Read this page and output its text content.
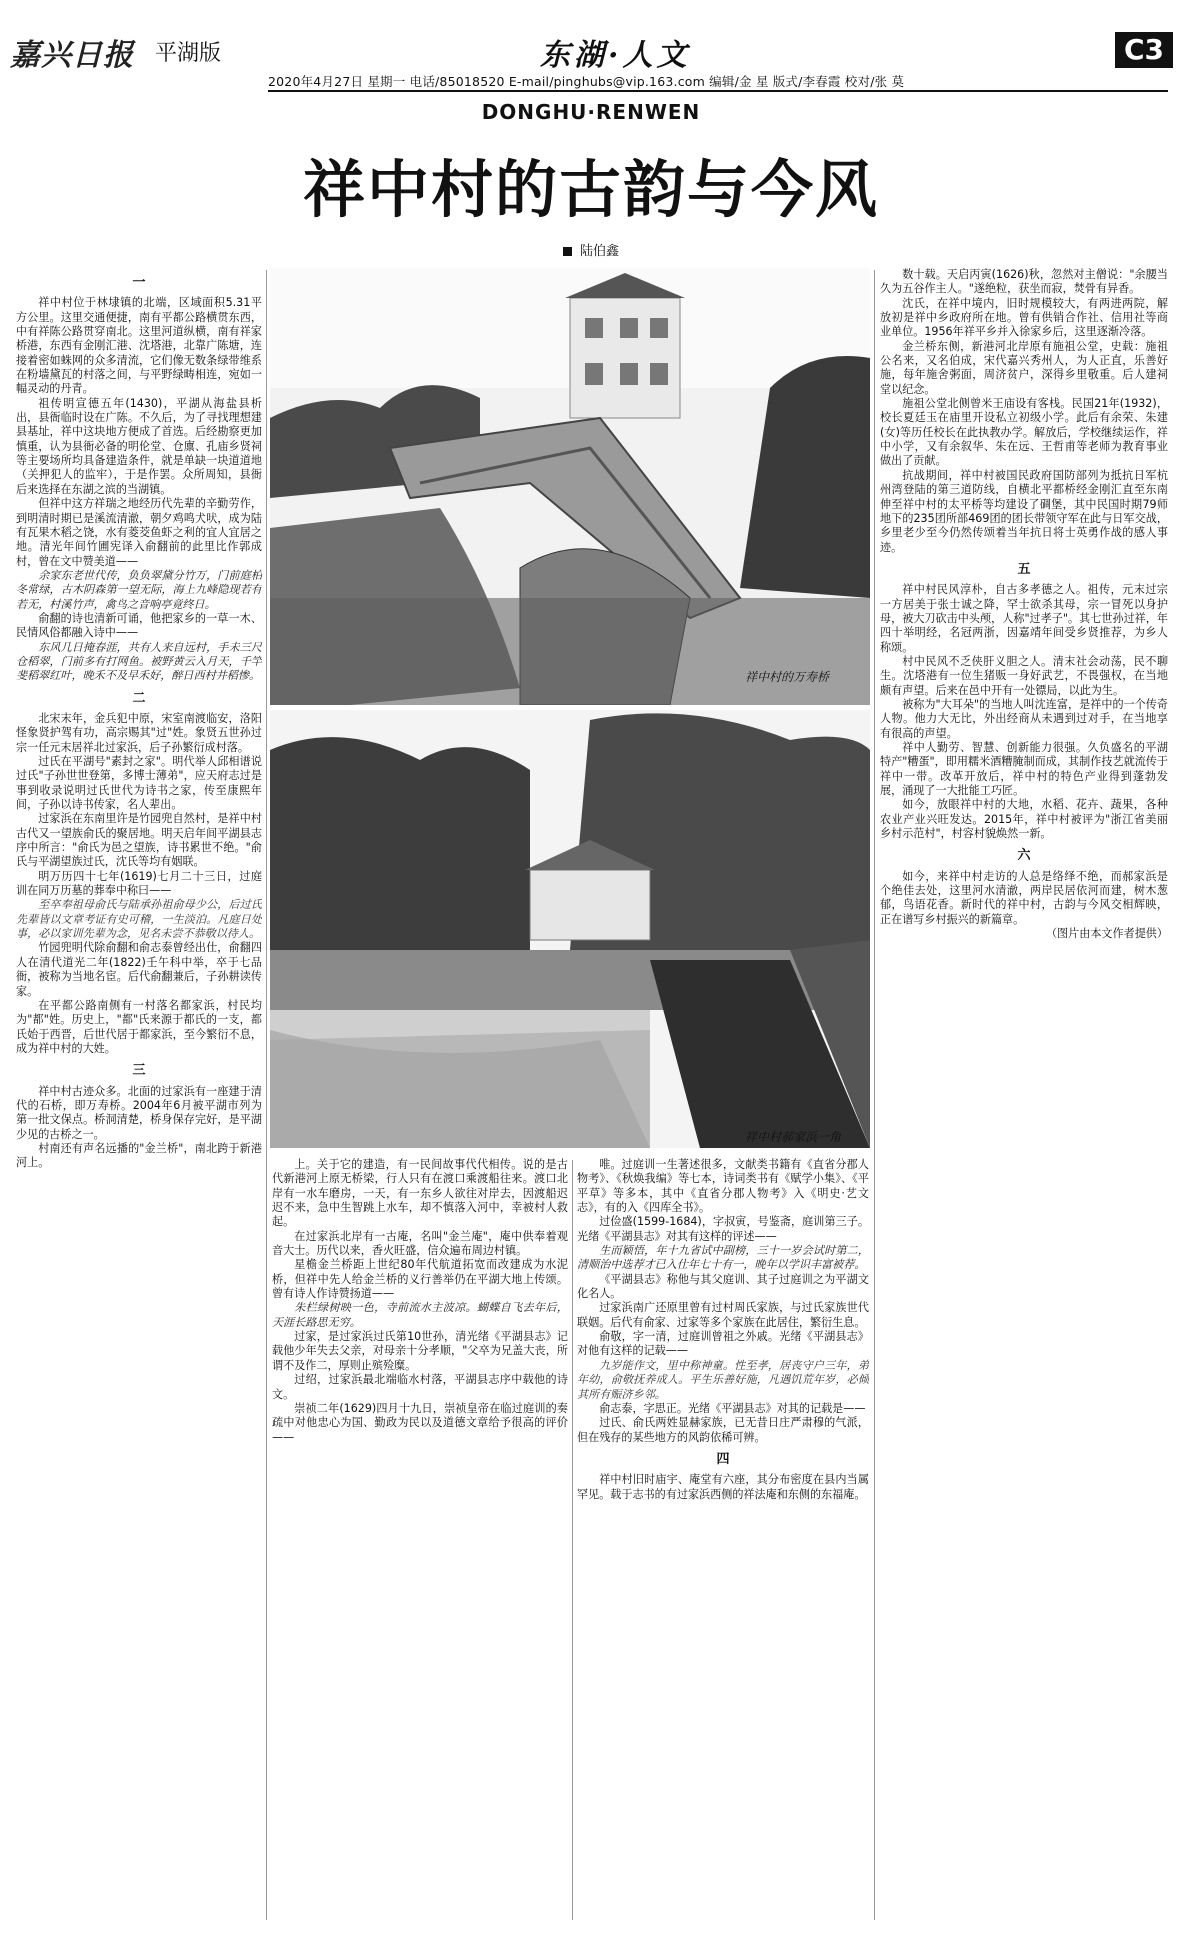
嘉兴日报 平湖版	东湖·人文	C3
2020年4月27日 星期一 电话/85018520 E-mail/pinghubs@vip.163.com 编辑/金 星 版式/李春霞 校对/张 莫
DONGHU·RENWEN
祥中村的古韵与今风
陆伯鑫
一

祥中村位于林埭镇的北端，区域面积5.31平方公里。这里交通便捷，南有平都公路横贯东西，中有祥陈公路贯穿南北。这里河道纵横，南有祥家桥港，东西有金刚汇港、沈塔港，北靠广陈塘，连接着密如蛛网的众多清流，它们像无数条绿带维系在粉墙黛瓦的村落之间，与平野绿畴相连，宛如一幅灵动的丹青。

祖传明宣德五年(1430)，平湖从海盐县析出，县衙临时设在广陈。不久后，为了寻找理想建县基址，祥中这块地方便成了首选。后经勘察更加慎重，认为县衙必备的明伦堂、仓廪、孔庙乡贤祠等主要场所均具备建造条件，就是单缺一块道道地（关押犯人的监牢），于是作罢。众所周知，县衙后来选择在东湖之滨的当湖镇。

但祥中这方祥瑞之地经历代先辈的辛勤劳作，到明清时期已是溪流清澈，朝夕鸡鸣犬吠，成为陆有瓦果木稻之饶，水有菱茭鱼虾之利的宜人宜居之地。清光年间竹圃宪译入俞翻前的此里比作郭成村，曾在文中赞美道——

余家东老世代传，负负翠黛分竹万，门前庭柏冬常绿，古木阴森第一望无际，海上九峰隐现若有若无，村溪竹声，禽鸟之音响亭竟终日。

俞翻的诗也清新可诵，他把家乡的一草一木、民情风俗都融入诗中——

东风几日掩春涯，共有人来自远村，手未三尺仓稻翠，门前多有打网鱼。被野黄云入月天，千竿斐稻翠红叶，晚禾不及早禾好，醉日西村井稻惨。

二

北宋末年，金兵犯中原，宋室南渡临安，洛阳怪象贤护驾有功，高宗赐其"过"姓。象贤五世孙过宗一任元末居祥北过家浜，后子孙繁衍成村落。

过氏在平湖号"素封之家"。明代举人邱相谱说过氏"子孙世世登第，多博士薄弟"，应天府志过是事到收录说明过氏世代为诗书之家，传至康熙年间，子孙以诗书传家，名人辈出。

过家浜在东南里许是竹园兜自然村，是祥中村古代又一望族俞氏的聚居地。明天启年间平湖县志序中所言："俞氏为邑之望族，诗书累世不绝。"俞氏与平湖望族过氏，沈氏等均有姻联。

明万历四十七年(1619)七月二十三日，过庭训在同万历墓的葬奉中称曰——

至卒奉祖母俞氏与陆承孙祖俞母少公，后过氏先辈皆以文章考证有史可稽，一生淡泊。凡庭日处事，必以家训先辈为念，见名未尝不恭敬以待人。

竹园兜明代除俞翻和俞志泰曾经出仕，俞翻四人在清代道光二年(1822)壬午科中举，卒于七品衙，被称为当地名宦。后代俞翻兼后，子孙耕读传家。

在平都公路南侧有一村落名都家浜，村民均为"都"姓。历史上，"都"氏来源于都氏的一支，都氏始于西晋，后世代居于都家浜，至今繁衍不息，成为祥中村的大姓。

三

祥中村古迹众多。北面的过家浜有一座建于清代的石桥，即万寿桥。2004年6月被平湖市列为第一批文保点。桥洞清楚，桥身保存完好，是平湖少见的古桥之一。

村南还有声名远播的"金兰桥"，南北跨于新港河上。

祥中村的万寿桥
祥中村郝家浜一角

数十载。天启丙寅(1626)秋，忽然对主僧说："余腰当久为五谷作主人。"遂绝粒，获坐而寂，焚骨有异香。

沈氏，在祥中境内，旧时规模较大，有两进两院，解放初是祥中乡政府所在地。曾有供销合作社、信用社等商业单位。1956年祥平乡并入徐家乡后，这里逐渐冷落。

金兰桥东侧，新港河北岸原有施祖公堂，史载：施祖公名来，又名伯成，宋代嘉兴秀州人，为人正直，乐善好施，每年施舍粥面，周济贫户，深得乡里敬重。后人建祠堂以纪念。

施祖公堂北侧曾米王庙设有客栈。民国21年(1932)，校长夏廷玉在庙里开设私立初级小学。此后有余荣、朱建(女)等历任校长在此执教办学。解放后，学校继续运作，祥中小学，又有余叙华、朱在远、王哲甫等老师为教育事业做出了贡献。

抗战期间，祥中村被国民政府国防部列为抵抗日军杭州湾登陆的第三道防线，自横北平都桥经金刚汇直至东南伸至祥中村的太平桥等均建设了碉堡，其中民国时期79师地下的235团所部469团的团长带领守军在此与日军交战，乡里老少至今仍然传颂着当年抗日将士英勇作战的感人事迹。

五

祥中村民风淳朴，自古多孝德之人。祖传，元末过宗一方居美于张士诚之降，罕士欲杀其母，宗一冒死以身护母，被大刀砍击中头颅，人称"过孝子"。其七世孙过祥，年四十举明经，名冠两浙，因嘉靖年间受乡贤推荐，为乡人称颂。

村中民风不乏侠肝义胆之人。清末社会动荡，民不聊生。沈塔港有一位生猪贩一身好武艺，不畏强权，在当地颇有声望。后来在邑中开有一处镖局，以此为生。

被称为"大耳朵"的当地人叫沈连富，是祥中的一个传奇人物。他力大无比，外出经商从未遇到过对手，在当地享有很高的声望。

祥中人勤劳、智慧、创新能力很强。久负盛名的平湖特产"糟蛋"，即用糯米酒糟腌制而成，其制作技艺就流传于祥中一带。改革开放后，祥中村的特色产业得到蓬勃发展，涌现了一大批能工巧匠。

如今，放眼祥中村的大地，水稻、花卉、蔬果，各种农业产业兴旺发达。2015年，祥中村被评为"浙江省美丽乡村示范村"，村容村貌焕然一新。

六

如今，来祥中村走访的人总是络绎不绝，而郝家浜是个绝佳去处，这里河水清澈，两岸民居依河而建，树木葱郁，鸟语花香。新时代的祥中村，古韵与今风交相辉映，正在谱写乡村振兴的新篇章。

（图片由本文作者提供）

上。关于它的建造，有一民间故事代代相传。说的是古代新港河上原无桥梁，行人只有在渡口乘渡船往来。渡口北岸有一水车磨房，一天，有一东乡人欲往对岸去，因渡船迟迟不来，急中生智跳上水车，却不慎落入河中，幸被村人救起。

在过家浜北岸有一古庵，名叫"金兰庵"，庵中供奉着观音大士。历代以来，香火旺盛，信众遍布周边村镇。

星檐金兰桥距上世纪80年代航道拓宽而改建成为水泥桥，但祥中先人给金兰桥的义行善举仍在平湖大地上传颂。曾有诗人作诗赞扬道——

朱栏绿树映一色，寺前流水主波凉。蝴蝶自飞去年后，天涯长路思无穷。

过家，是过家浜过氏第10世孙，清光绪《平湖县志》记载他少年失去父亲，对母亲十分孝顺，"父卒为兄盖大丧，所谓不及作二，厚则止殡殓糜。

过绍，过家浜最北端临水村落，平湖县志序中载他的诗文。

崇祯二年(1629)四月十九日，崇祯皇帝在临过庭训的奏疏中对他忠心为国、勤政为民以及道德文章给予很高的评价——

唯。过庭训一生著述很多，文献类书籍有《直省分郡人物考》、《秋焕我编》等七本，诗词类书有《赋学小集》、《平平草》等多本，其中《直省分郡人物考》入《明史·艺文志》，有的入《四库全书》。

过俭盛(1599-1684)，字叔寅，号鉴斋，庭训第三子。光绪《平湖县志》对其有这样的评述——

生而颖悟，年十九省试中副榜，三十一岁会试时第二，清顺治中选荐才已入仕年七十有一，晚年以学识丰富被荐。

《平湖县志》称他与其父庭训、其子过庭训之为平湖文化名人。

过家浜南广还原里曾有过村周氏家族，与过氏家族世代联姻。后代有俞家、过家等多个家族在此居住，繁衍生息。

俞敬，字一清，过庭训曾祖之外戚。光绪《平湖县志》对他有这样的记载——

九岁能作文，里中称神童。性至孝，居丧守户三年，弟年幼，俞敬抚养成人。平生乐善好施，凡遇饥荒年岁，必倾其所有赈济乡邻。

俞志泰，字思正。光绪《平湖县志》对其的记载是——

过氏、俞氏两姓显赫家族，已无昔日庄严肃穆的气派，但在残存的某些地方的风韵依稀可辨。

四

祥中村旧时庙宇、庵堂有六座，其分布密度在县内当属罕见。载于志书的有过家浜西侧的祥法庵和东侧的东福庵。
